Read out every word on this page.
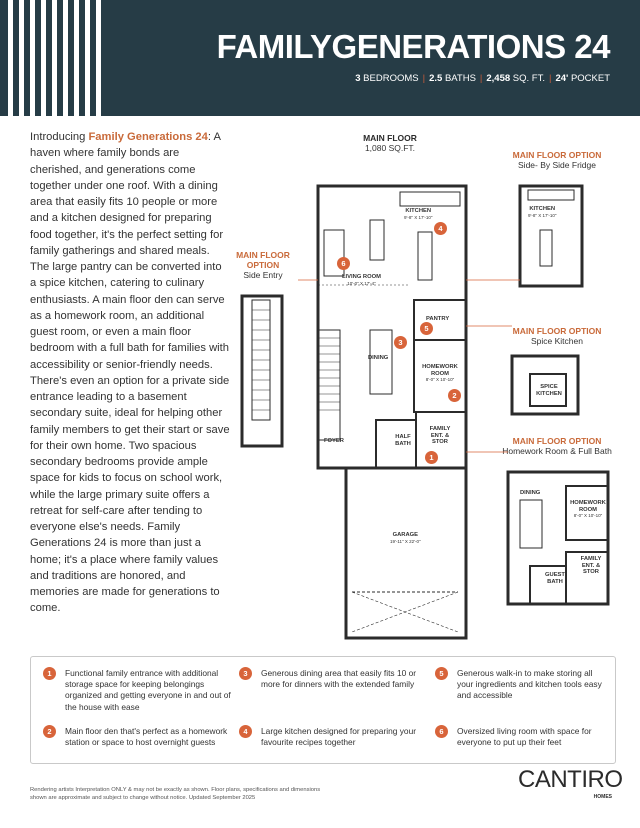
FAMILYGENERATIONS 24
3 BEDROOMS | 2.5 BATHS | 2,458 SQ. FT. | 24' POCKET
Introducing Family Generations 24: A haven where family bonds are cherished, and generations come together under one roof. With a dining area that easily fits 10 people or more and a kitchen designed for preparing food together, it's the perfect setting for family gatherings and shared meals. The large pantry can be converted into a spice kitchen, catering to culinary enthusiasts. A main floor den can serve as a homework room, an additional guest room, or even a main floor bedroom with a full bath for families with accessibility or senior-friendly needs.
There's even an option for a private side entrance leading to a basement secondary suite, ideal for helping other family members to get their start or save for their own home. Two spacious secondary bedrooms provide ample space for kids to focus on school work, while the large primary suite offers a retreat for self-care after tending to everyone else's needs. Family Generations 24 is more than just a home; it's a place where family values and traditions are honored, and memories are made for generations to come.
MAIN FLOOR
1,080 SQ.FT.
MAIN FLOOR OPTION
Side Entry
MAIN FLOOR OPTION
Side- By Side Fridge
MAIN FLOOR OPTION
Spice Kitchen
MAIN FLOOR OPTION
Homework Room & Full Bath
KITCHEN
9'-8" X 17'-10"
LIVING ROOM
10'-0" X 17'-4"
PANTRY
DINING
HOMEWORK ROOM
8'-0" X 10'-10"
FAMILY ENT. & STOR
HALF BATH
FOYER
GARAGE
19'-11" X 22'-0"
KITCHEN
9'-8" X 17'-10"
SPICE KITCHEN
DINING
HOMEWORK ROOM
8'-0" X 10'-10"
FAMILY ENT. & STOR
GUEST BATH
1
2
3
4
5
6
1	Functional family entrance with additional storage space for keeping belongings organized and getting everyone in and out of the house with ease
2	Main floor den that's perfect as a homework station or space to host overnight guests
3	Generous dining area that easily fits 10 or more for dinners with the extended family
4	Large kitchen designed for preparing your favourite recipes together
5	Generous walk-in to make storing all your ingredients and kitchen tools easy and accessible
6	Oversized living room with space for everyone to put up their feet
Rendering artists Interpretation ONLY & may not be exactly as shown. Floor plans, specifications and dimensions shown are approximate and subject to change without notice. Updated September 2025
CANTIRO
HOMES
